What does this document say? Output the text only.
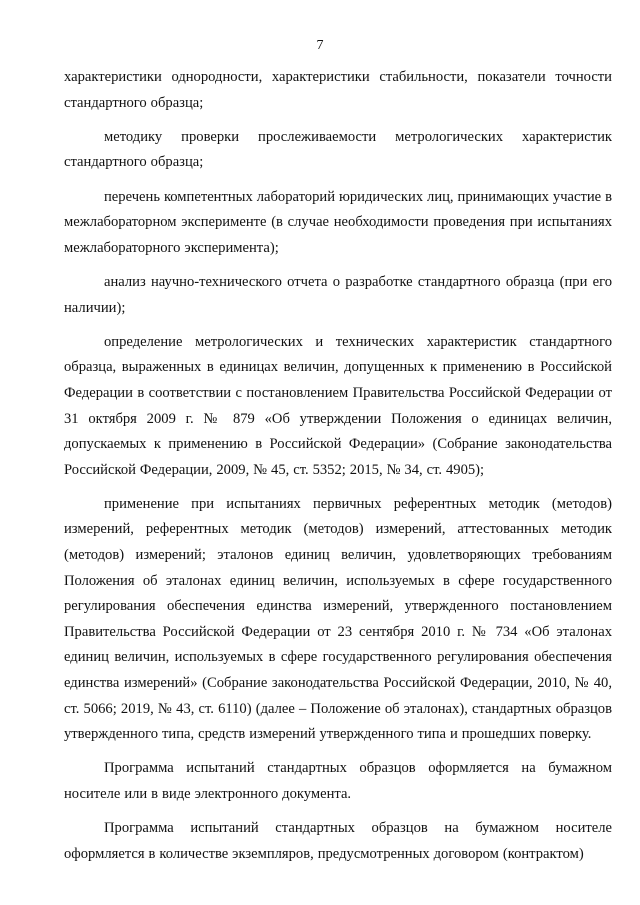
7

характеристики однородности, характеристики стабильности, показатели точности стандартного образца;

методику проверки прослеживаемости метрологических характеристик стандартного образца;

перечень компетентных лабораторий юридических лиц, принимающих участие в межлабораторном эксперименте (в случае необходимости проведения при испытаниях межлабораторного эксперимента);

анализ научно-технического отчета о разработке стандартного образца (при его наличии);

определение метрологических и технических характеристик стандартного образца, выраженных в единицах величин, допущенных к применению в Российской Федерации в соответствии с постановлением Правительства Российской Федерации от 31 октября 2009 г. № 879 «Об утверждении Положения о единицах величин, допускаемых к применению в Российской Федерации» (Собрание законодательства Российской Федерации, 2009, № 45, ст. 5352; 2015, № 34, ст. 4905);

применение при испытаниях первичных референтных методик (методов) измерений, референтных методик (методов) измерений, аттестованных методик (методов) измерений; эталонов единиц величин, удовлетворяющих требованиям Положения об эталонах единиц величин, используемых в сфере государственного регулирования обеспечения единства измерений, утвержденного постановлением Правительства Российской Федерации от 23 сентября 2010 г. № 734 «Об эталонах единиц величин, используемых в сфере государственного регулирования обеспечения единства измерений» (Собрание законодательства Российской Федерации, 2010, № 40, ст. 5066; 2019, № 43, ст. 6110) (далее – Положение об эталонах), стандартных образцов утвержденного типа, средств измерений утвержденного типа и прошедших поверку.

Программа испытаний стандартных образцов оформляется на бумажном носителе или в виде электронного документа.

Программа испытаний стандартных образцов на бумажном носителе оформляется в количестве экземпляров, предусмотренных договором (контрактом)
